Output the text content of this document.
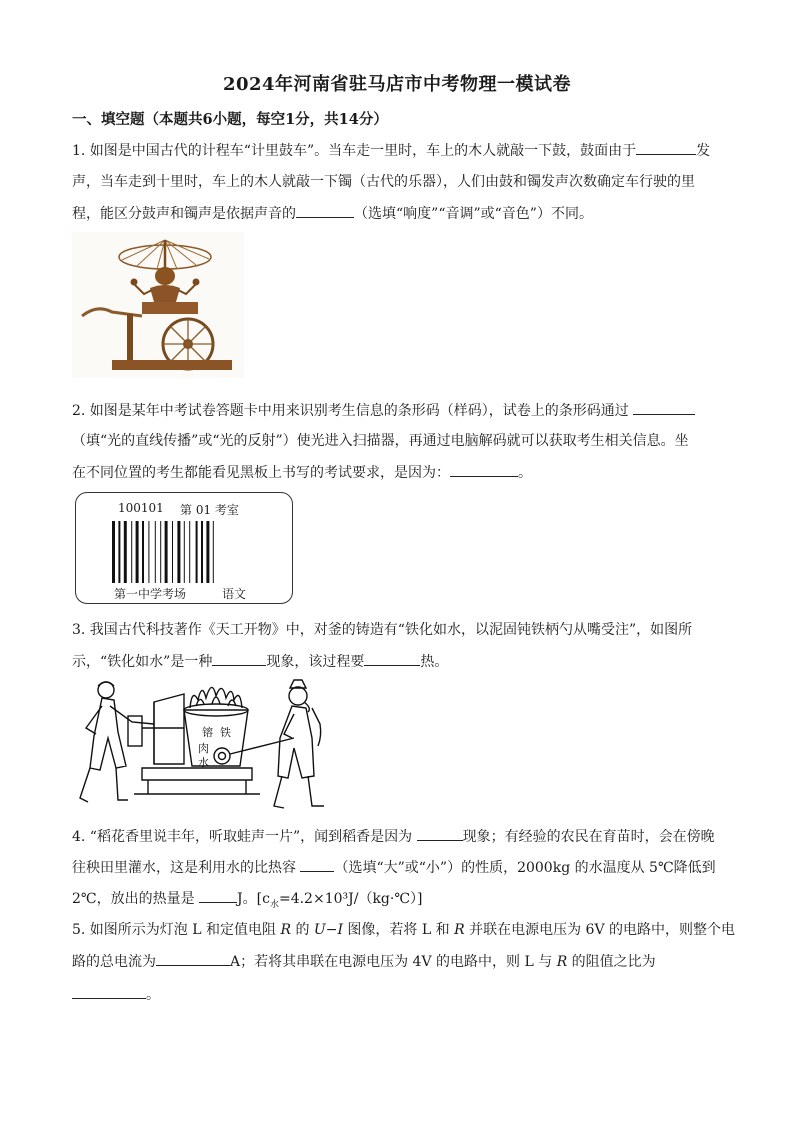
2024年河南省驻马店市中考物理一模试卷
一、填空题（本题共6小题，每空1分，共14分）
1. 如图是中国古代的计程车“计里鼓车”。当车走一里时，车上的木人就敲一下鼓，鼓面由于	发
声，当车走到十里时，车上的木人就敲一下镯（古代的乐器），人们由鼓和镯发声次数确定车行驶的里
程，能区分鼓声和镯声是依据声音的	（选填“响度”“音调”或“音色”）不同。
2. 如图是某年中考试卷答题卡中用来识别考生信息的条形码（样码），试卷上的条形码通过
（填“光的直线传播”或“光的反射”）使光进入扫描器，再通过电脑解码就可以获取考生相关信息。坐
在不同位置的考生都能看见黑板上书写的考试要求，是因为：	。
100101 第 01 考室
第一中学考场	语文
3. 我国古代科技著作《天工开物》中，对釜的铸造有“铁化如水，以泥固钝铁柄勺从嘴受注”，如图所
示，“铁化如水”是一种	现象，该过程要	热。
镕 铁
肉
水
4. “稻花香里说丰年，听取蛙声一片”，闻到稻香是因为	现象；有经验的农民在育苗时，会在傍晚
往秧田里灌水，这是利用水的比热容	（选填“大”或“小”）的性质，2000kg 的水温度从 5℃降低到
2℃，放出的热量是	J。$[c_水=4.2\times 10^3J/(kg\cdot℃)]$
5. 如图所示为灯泡 L 和定值电阻 R 的 U−I 图像，若将 L 和 R 并联在电源电压为 6V 的电路中，则整个电
路的总电流为	A；若将其串联在电源电压为 4V 的电路中，则 L 与 R 的阻值之比为
。
